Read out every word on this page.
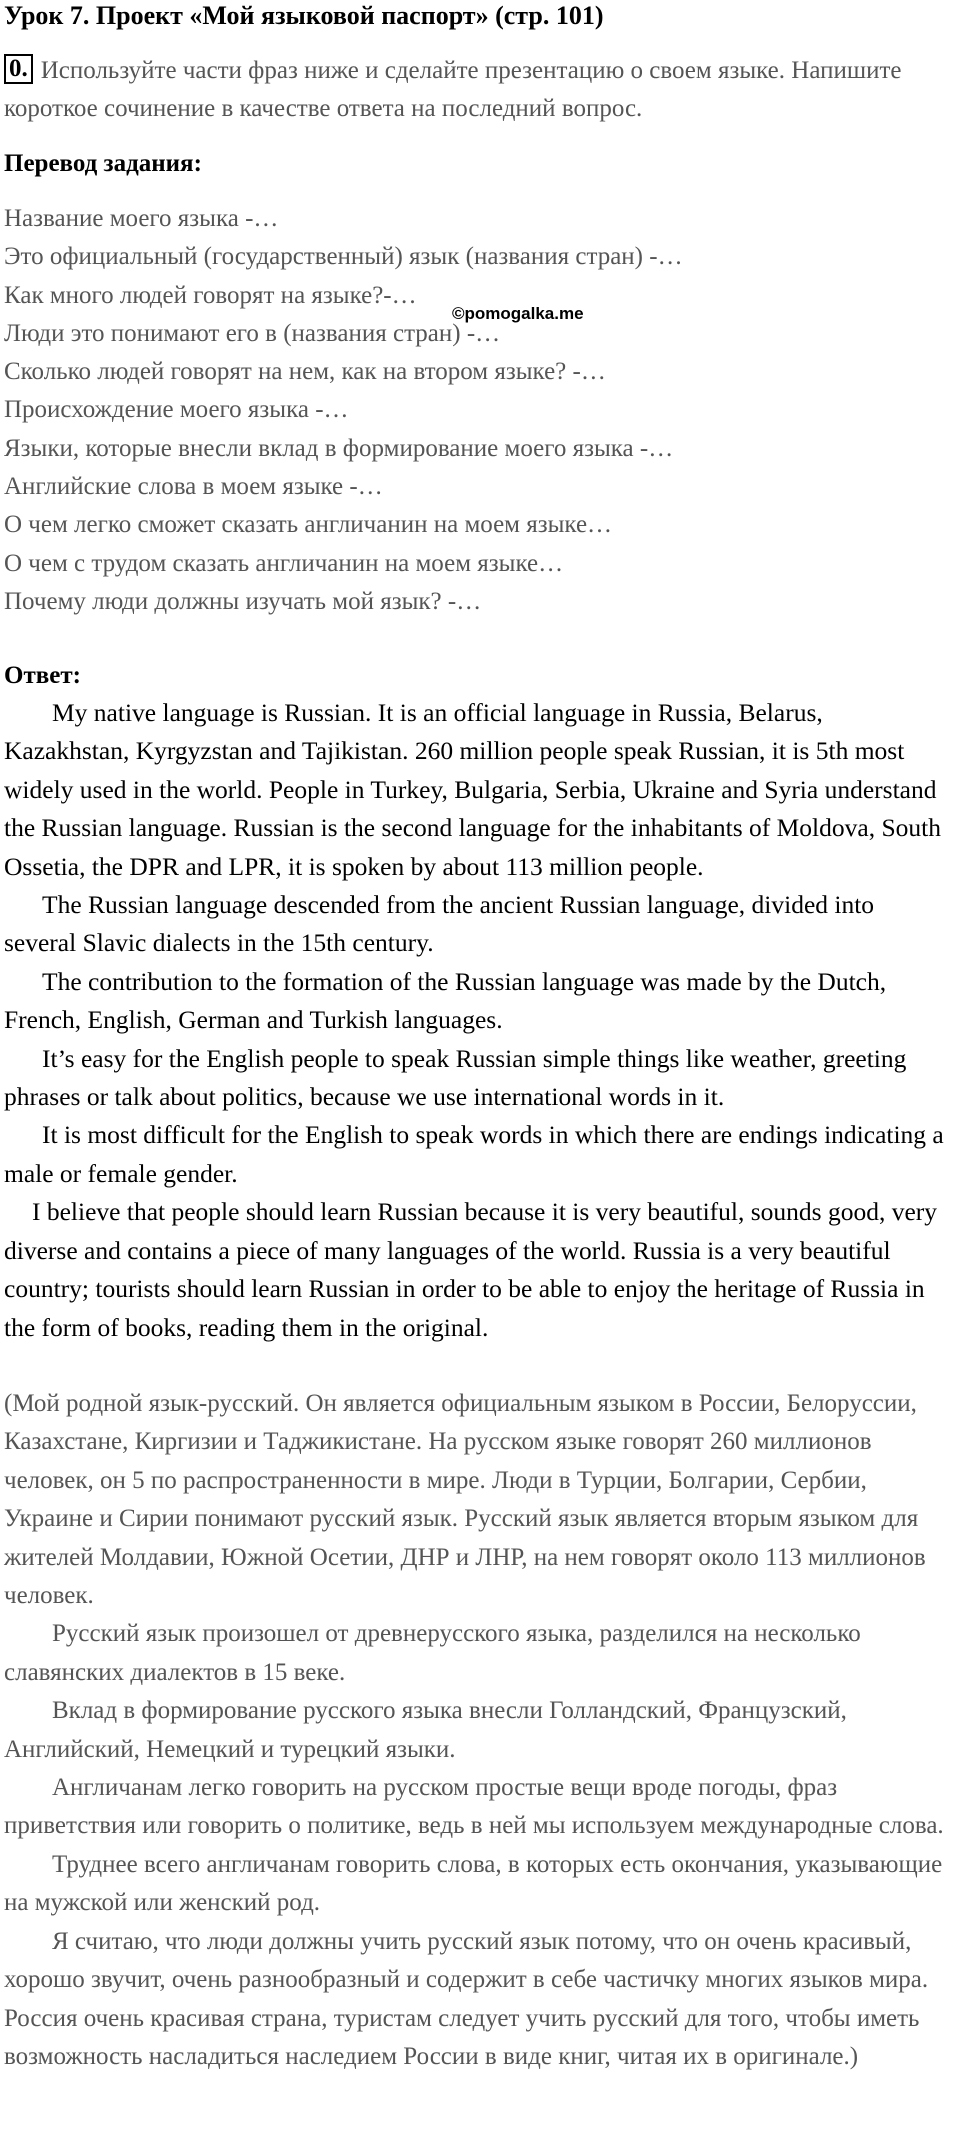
Урок 7. Проект «Мой языковой паспорт» (стр. 101)
0. Используйте части фраз ниже и сделайте презентацию о своем языке. Напишите короткое сочинение в качестве ответа на последний вопрос.
Перевод задания:
Название моего языка -…
Это официальный (государственный) язык (названия стран) -…
Как много людей говорят на языке?-…
Люди это понимают его в (названия стран) -…
Сколько людей говорят на нем, как на втором языке? -…
Происхождение моего языка -…
Языки, которые внесли вклад в формирование моего языка -…
Английские слова в моем языке -…
О чем легко сможет сказать англичанин на моем языке…
О чем с трудом сказать англичанин на моем языке…
Почему люди должны изучать мой язык? -…
©pomogalka.me
Ответ:

My native language is Russian. It is an official language in Russia, Belarus, Kazakhstan, Kyrgyzstan and Tajikistan. 260 million people speak Russian, it is 5th most widely used in the world. People in Turkey, Bulgaria, Serbia, Ukraine and Syria understand the Russian language. Russian is the second language for the inhabitants of Moldova, South Ossetia, the DPR and LPR, it is spoken by about 113 million people.

The Russian language descended from the ancient Russian language, divided into several Slavic dialects in the 15th century.

The contribution to the formation of the Russian language was made by the Dutch, French, English, German and Turkish languages.

It’s easy for the English people to speak Russian simple things like weather, greeting phrases or talk about politics, because we use international words in it.

It is most difficult for the English to speak words in which there are endings indicating a male or female gender.

I believe that people should learn Russian because it is very beautiful, sounds good, very diverse and contains a piece of many languages of the world. Russia is a very beautiful country; tourists should learn Russian in order to be able to enjoy the heritage of Russia in the form of books, reading them in the original.

(Мой родной язык-русский. Он является официальным языком в России, Белоруссии, Казахстане, Киргизии и Таджикистане. На русском языке говорят 260 миллионов человек, он 5 по распространенности в мире. Люди в Турции, Болгарии, Сербии, Украине и Сирии понимают русский язык. Русский язык является вторым языком для жителей Молдавии, Южной Осетии, ДНР и ЛНР, на нем говорят около 113 миллионов человек.

Русский язык произошел от древнерусского языка, разделился на несколько славянских диалектов в 15 веке.

Вклад в формирование русского языка внесли Голландский, Французский, Английский, Немецкий и турецкий языки.

Англичанам легко говорить на русском простые вещи вроде погоды, фраз приветствия или говорить о политике, ведь в ней мы используем международные слова.

Труднее всего англичанам говорить слова, в которых есть окончания, указывающие на мужской или женский род.

Я считаю, что люди должны учить русский язык потому, что он очень красивый, хорошо звучит, очень разнообразный и содержит в себе частичку многих языков мира. Россия очень красивая страна, туристам следует учить русский для того, чтобы иметь возможность насладиться наследием России в виде книг, читая их в оригинале.)
